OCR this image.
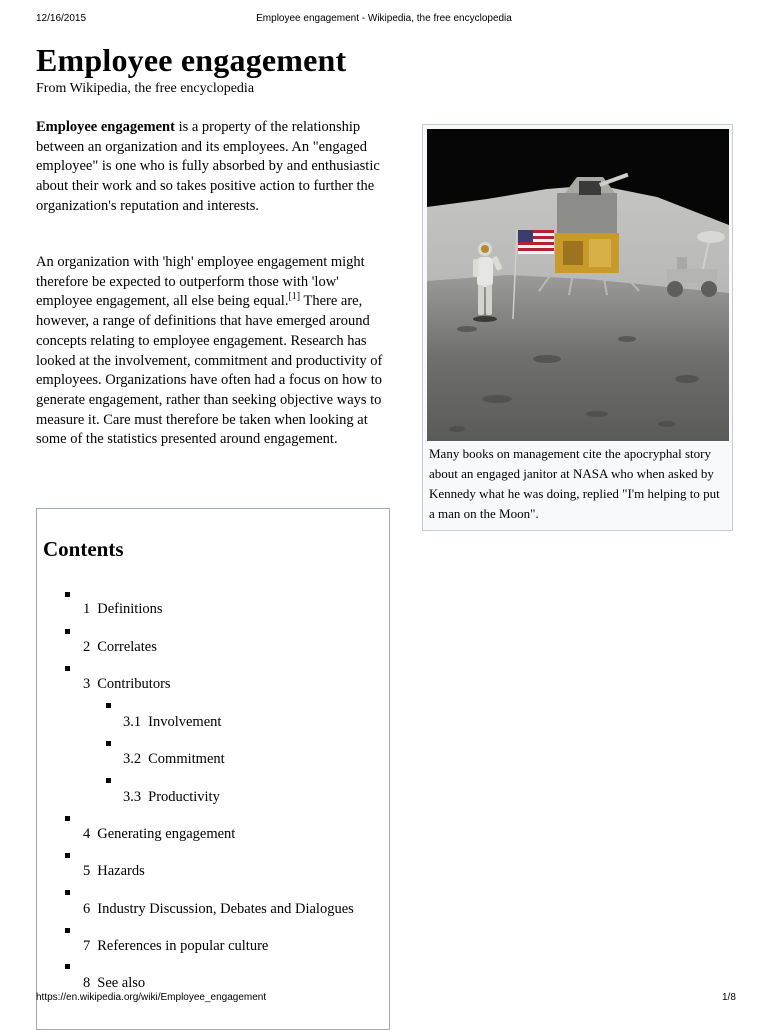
12/16/2015	Employee engagement - Wikipedia, the free encyclopedia
Employee engagement
From Wikipedia, the free encyclopedia

Employee engagement is a property of the relationship between an organization and its employees. An "engaged employee" is one who is fully absorbed by and enthusiastic about their work and so takes positive action to further the organization's reputation and interests.

An organization with 'high' employee engagement might therefore be expected to outperform those with 'low' employee engagement, all else being equal.[1] There are, however, a range of definitions that have emerged around concepts relating to employee engagement. Research has looked at the involvement, commitment and productivity of employees. Organizations have often had a focus on how to generate engagement, rather than seeking objective ways to measure it. Care must therefore be taken when looking at some of the statistics presented around engagement.

Contents
1 Definitions
2 Correlates
3 Contributors
3.1 Involvement
3.2 Commitment
3.3 Productivity
4 Generating engagement
5 Hazards
6 Industry Discussion, Debates and Dialogues
7 References in popular culture
8 See also
Many books on management cite the apocryphal story about an engaged janitor at NASA who when asked by Kennedy what he was doing, replied "I'm helping to put a man on the Moon".
https://en.wikipedia.org/wiki/Employee_engagement	1/8
